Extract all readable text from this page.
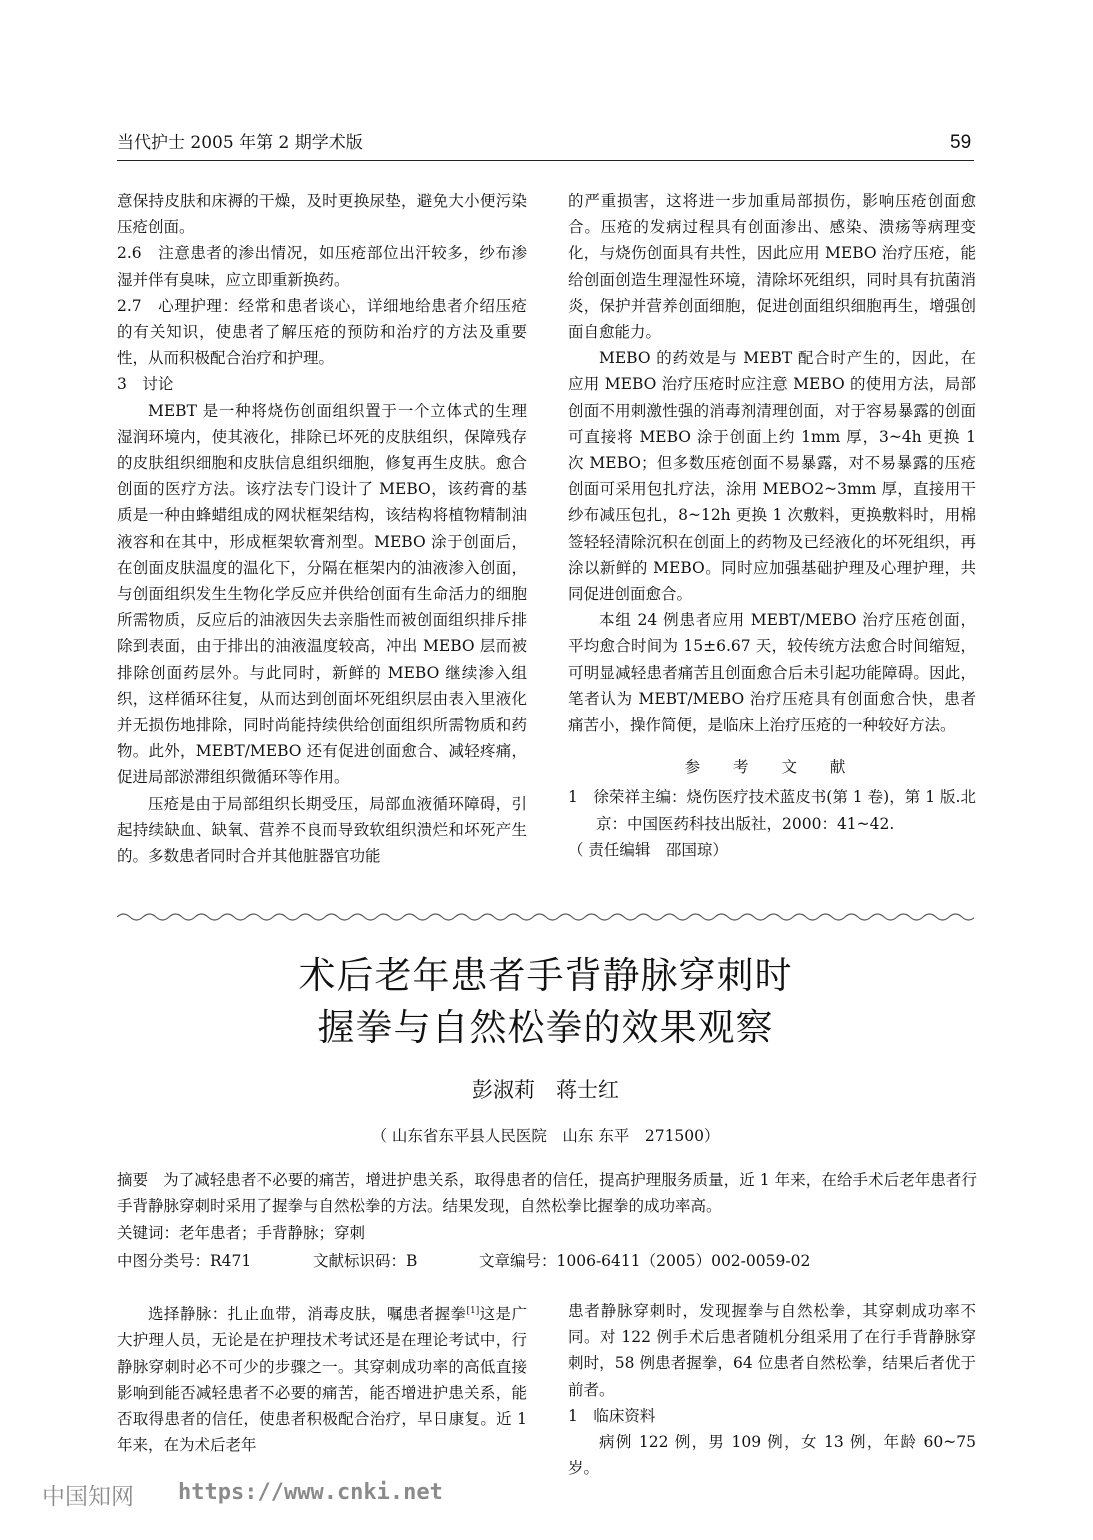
当代护士 2005 年第 2 期学术版	59

意保持皮肤和床褥的干燥，及时更换尿垫，避免大小便污染压疮创面。

2.6　注意患者的渗出情况，如压疮部位出汗较多，纱布渗湿并伴有臭味，应立即重新换药。

2.7　心理护理：经常和患者谈心，详细地给患者介绍压疮的有关知识，使患者了解压疮的预防和治疗的方法及重要性，从而积极配合治疗和护理。

3　讨论

MEBT 是一种将烧伤创面组织置于一个立体式的生理湿润环境内，使其液化，排除已坏死的皮肤组织，保障残存的皮肤组织细胞和皮肤信息组织细胞，修复再生皮肤。愈合创面的医疗方法。该疗法专门设计了 MEBO，该药膏的基质是一种由蜂蜡组成的网状框架结构，该结构将植物精制油液容和在其中，形成框架软膏剂型。MEBO 涂于创面后，在创面皮肤温度的温化下，分隔在框架内的油液渗入创面，与创面组织发生生物化学反应并供给创面有生命活力的细胞所需物质，反应后的油液因失去亲脂性而被创面组织排斥排除到表面，由于排出的油液温度较高，冲出 MEBO 层而被排除创面药层外。与此同时，新鲜的 MEBO 继续渗入组织，这样循环往复，从而达到创面坏死组织层由表入里液化并无损伤地排除，同时尚能持续供给创面组织所需物质和药物。此外，MEBT/MEBO 还有促进创面愈合、减轻疼痛，促进局部淤滞组织微循环等作用。

压疮是由于局部组织长期受压，局部血液循环障碍，引起持续缺血、缺氧、营养不良而导致软组织溃烂和坏死产生的。多数患者同时合并其他脏器官功能

的严重损害，这将进一步加重局部损伤，影响压疮创面愈合。压疮的发病过程具有创面渗出、感染、溃疡等病理变化，与烧伤创面具有共性，因此应用 MEBO 治疗压疮，能给创面创造生理湿性环境，清除坏死组织，同时具有抗菌消炎，保护并营养创面细胞，促进创面组织细胞再生，增强创面自愈能力。

MEBO 的药效是与 MEBT 配合时产生的，因此，在应用 MEBO 治疗压疮时应注意 MEBO 的使用方法，局部创面不用刺激性强的消毒剂清理创面，对于容易暴露的创面可直接将 MEBO 涂于创面上约 1mm 厚，3~4h 更换 1 次 MEBO；但多数压疮创面不易暴露，对不易暴露的压疮创面可采用包扎疗法，涂用 MEBO2~3mm 厚，直接用干纱布减压包扎，8~12h 更换 1 次敷料，更换敷料时，用棉签轻轻清除沉积在创面上的药物及已经液化的坏死组织，再涂以新鲜的 MEBO。同时应加强基础护理及心理护理，共同促进创面愈合。

本组 24 例患者应用 MEBT/MEBO 治疗压疮创面，平均愈合时间为 15±6.67 天，较传统方法愈合时间缩短，可明显减轻患者痛苦且创面愈合后未引起功能障碍。因此，笔者认为 MEBT/MEBO 治疗压疮具有创面愈合快，患者痛苦小，操作简便，是临床上治疗压疮的一种较好方法。

参 考 文 献

1　徐荣祥主编：烧伤医疗技术蓝皮书(第 1 卷)，第 1 版.北京：中国医药科技出版社，2000：41~42.

（ 责任编辑　邵国琼）

术后老年患者手背静脉穿刺时
握拳与自然松拳的效果观察
彭淑莉　蒋士红
（ 山东省东平县人民医院　山东 东平　271500）
摘要 为了减轻患者不必要的痛苦，增进护患关系，取得患者的信任，提高护理服务质量，近 1 年来，在给手术后老年患者行手背静脉穿刺时采用了握拳与自然松拳的方法。结果发现，自然松拳比握拳的成功率高。
关键词：老年患者；手背静脉；穿刺
中图分类号：R471	文献标识码：B	文章编号：1006-6411（2005）002-0059-02

选择静脉：扎止血带，消毒皮肤，嘱患者握拳[1]这是广大护理人员，无论是在护理技术考试还是在理论考试中，行静脉穿刺时必不可少的步骤之一。其穿刺成功率的高低直接影响到能否减轻患者不必要的痛苦，能否增进护患关系，能否取得患者的信任，使患者积极配合治疗，早日康复。近 1 年来，在为术后老年

患者静脉穿刺时，发现握拳与自然松拳，其穿刺成功率不同。对 122 例手术后患者随机分组采用了在行手背静脉穿刺时，58 例患者握拳，64 位患者自然松拳，结果后者优于前者。

1　临床资料

病例 122 例，男 109 例，女 13 例，年龄 60~75 岁。

中国知网 https://www.cnki.net
